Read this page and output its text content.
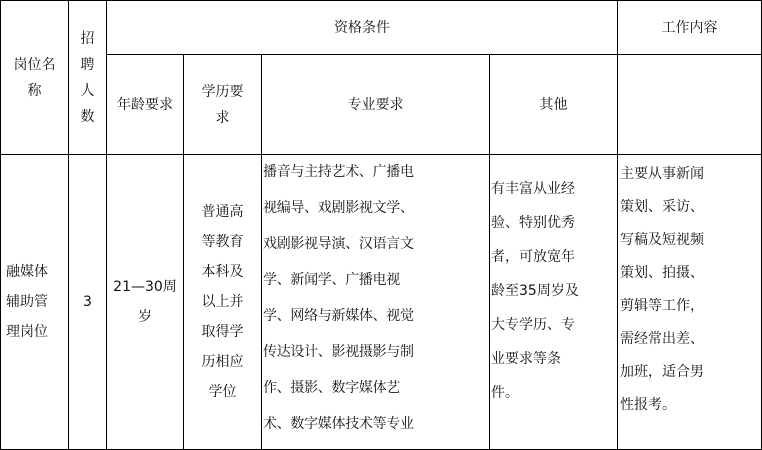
岗位名
称
招
聘
人
数
资格条件	工作内容
年龄要求
学历要
求
专业要求	其他
融媒体
辅助管
理岗位
3
21—30周
岁
普通高
等教育
本科及
以上并
取得学
历相应
学位
播音与主持艺术、广播电
视编导、戏剧影视文学、
戏剧影视导演、汉语言文
学、新闻学、广播电视
学、网络与新媒体、视觉
传达设计、影视摄影与制
作、摄影、数字媒体艺
术、数字媒体技术等专业
有丰富从业经
验、特别优秀
者，可放宽年
龄至35周岁及
大专学历、专
业要求等条
件。
主要从事新闻
策划、采访、
写稿及短视频
策划、拍摄、
剪辑等工作，
需经常出差、
加班，适合男
性报考。
